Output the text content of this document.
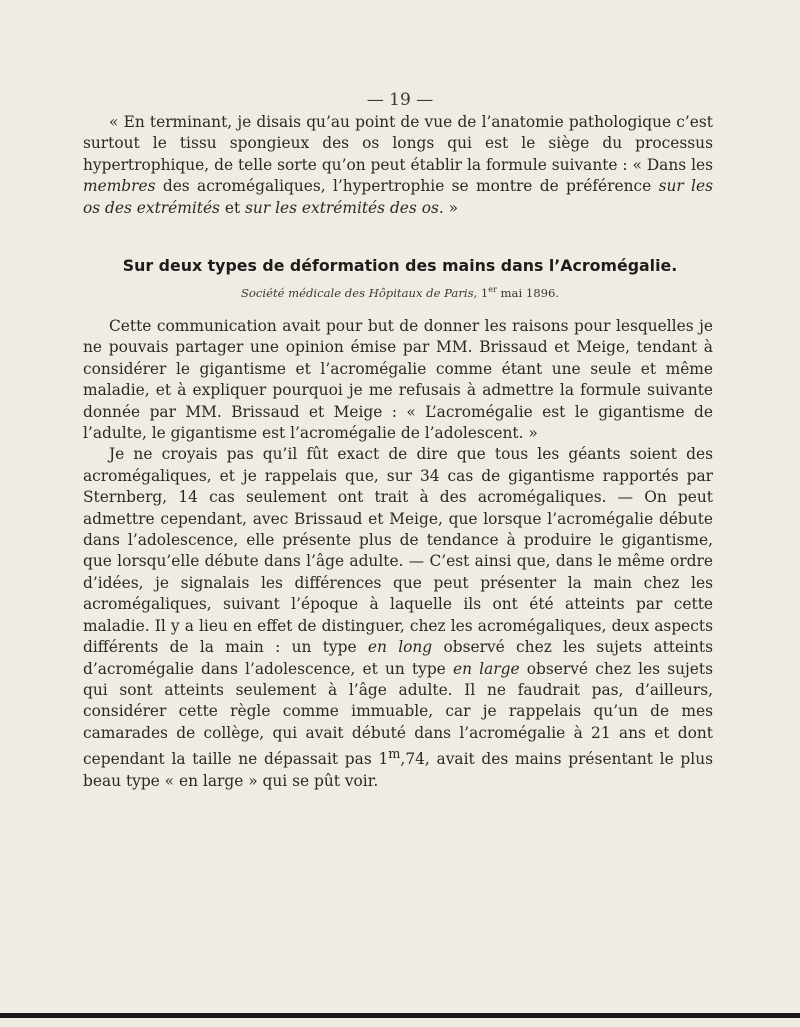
— 19 —

« En terminant, je disais qu’au point de vue de l’anatomie pathologique c’est surtout le tissu spongieux des os longs qui est le siège du processus hypertrophique, de telle sorte qu’on peut établir la formule suivante : « Dans les membres des acromégaliques, l’hypertrophie se montre de préférence sur les os des extrémités et sur les extrémités des os. »

Sur deux types de déformation des mains dans l’Acromégalie.
Société médicale des Hôpitaux de Paris, 1er mai 1896.

Cette communication avait pour but de donner les raisons pour lesquelles je ne pouvais partager une opinion émise par MM. Brissaud et Meige, tendant à considérer le gigantisme et l’acromégalie comme étant une seule et même maladie, et à expliquer pourquoi je me refusais à admettre la formule suivante donnée par MM. Brissaud et Meige : « L’acromégalie est le gigantisme de l’adulte, le gigantisme est l’acromégalie de l’adolescent. »

Je ne croyais pas qu’il fût exact de dire que tous les géants soient des acromégaliques, et je rappelais que, sur 34 cas de gigantisme rapportés par Sternberg, 14 cas seulement ont trait à des acromégaliques. — On peut admettre cependant, avec Brissaud et Meige, que lorsque l’acromégalie débute dans l’adolescence, elle présente plus de tendance à produire le gigantisme, que lorsqu’elle débute dans l’âge adulte. — C’est ainsi que, dans le même ordre d’idées, je signalais les différences que peut présenter la main chez les acromégaliques, suivant l’époque à laquelle ils ont été atteints par cette maladie. Il y a lieu en effet de distinguer, chez les acromégaliques, deux aspects différents de la main : un type en long observé chez les sujets atteints d’acromégalie dans l’adolescence, et un type en large observé chez les sujets qui sont atteints seulement à l’âge adulte. Il ne faudrait pas, d’ailleurs, considérer cette règle comme immuable, car je rappelais qu’un de mes camarades de collège, qui avait débuté dans l’acromégalie à 21 ans et dont cependant la taille ne dépassait pas 1$^m$,74, avait des mains présentant le plus beau type « en large » qui se pût voir.
